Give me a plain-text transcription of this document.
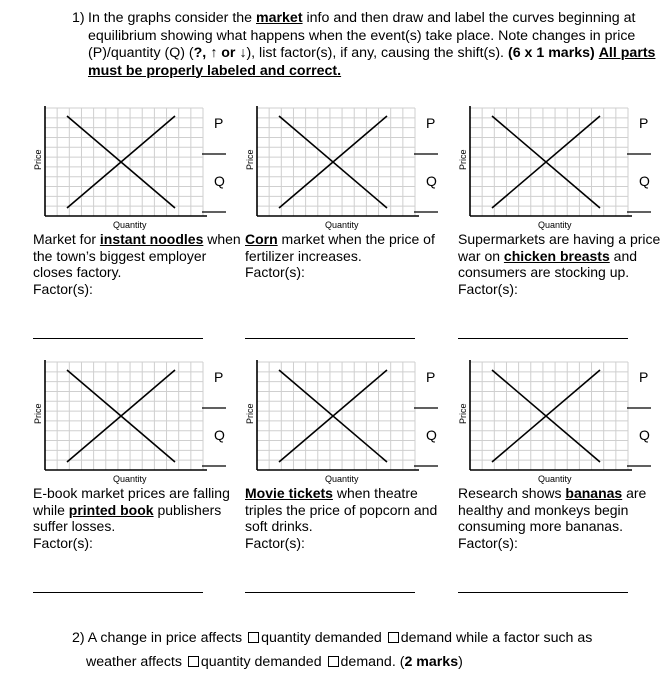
1) In the graphs consider the market info and then draw and label the curves beginning at equilibrium showing what happens when the event(s) take place. Note changes in price (P)/quantity (Q) (?, ↑ or ↓), list factor(s), if any, causing the shift(s). (6 x 1 marks) All parts must be properly labeled and correct.
Price
Quantity
P
Q
Market for instant noodles when the town’s biggest employer closes factory.
Factor(s):
Price
Quantity
P
Q
Corn market when the price of fertilizer increases.
Factor(s):
Price
Quantity
P
Q
Supermarkets are having a price war on chicken breasts and consumers are stocking up.
Factor(s):
Price
Quantity
P
Q
E-book market prices are falling while printed book publishers suffer losses.
Factor(s):
Price
Quantity
P
Q
Movie tickets when theatre triples the price of popcorn and soft drinks.
Factor(s):
Price
Quantity
P
Q
Research shows bananas are healthy and monkeys begin consuming more bananas.
Factor(s):
2) A change in price affects quantity demanded demand while a factor such as
weather affects quantity demanded demand. (2 marks)
